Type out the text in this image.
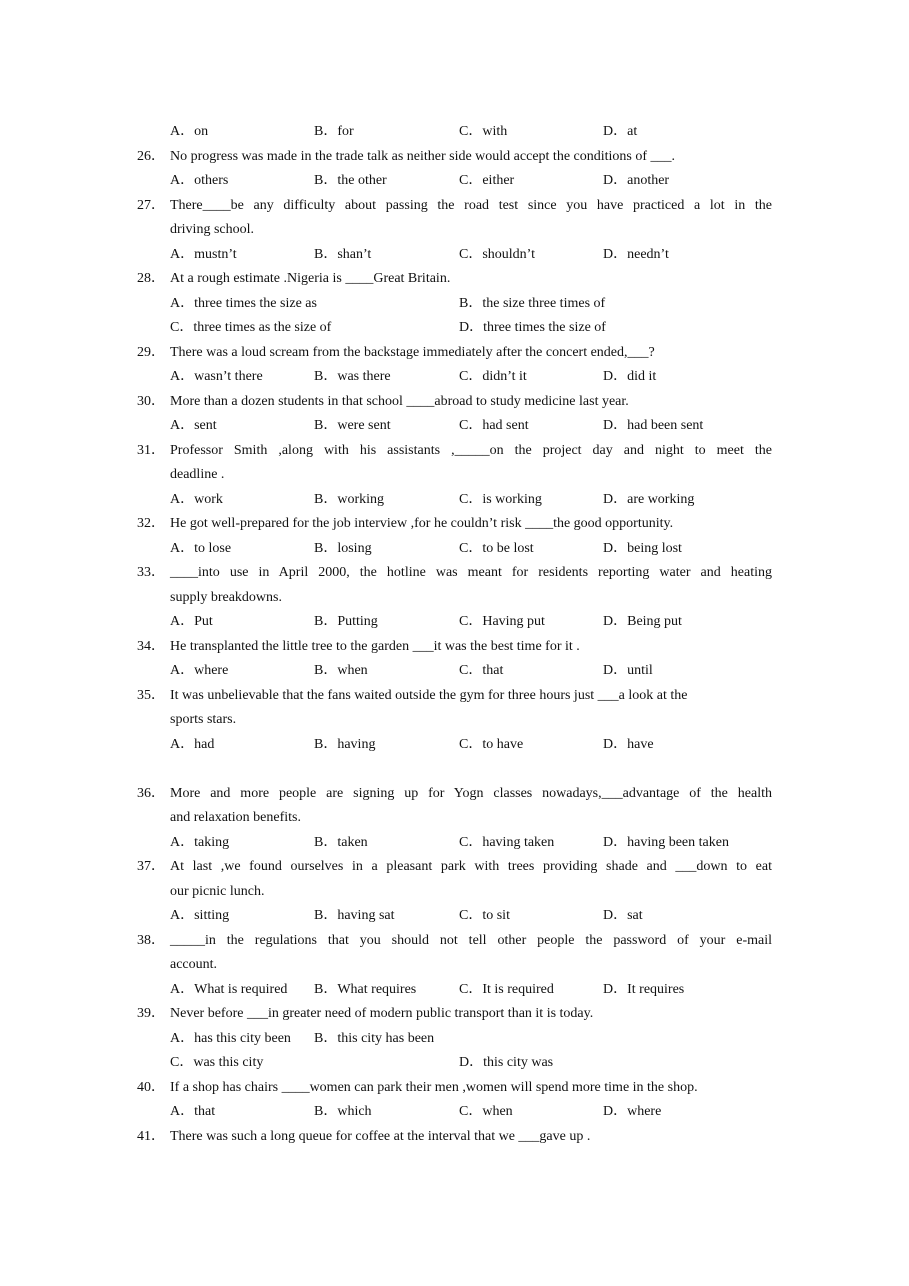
A．on	B．for	C．with	D．at
26． No progress was made in the trade talk as neither side would accept the conditions of ___.
A．others	B．the other	C．either	D．another
27． There____be any difficulty about passing the road test since you have practiced a lot in the
driving school.
A．mustn’t	B．shan’t	C．shouldn’t	D．needn’t
28． At a rough estimate .Nigeria is ____Great Britain.
A．three times the size as	B．the size three times of
C．three times as the size of	D．three times the size of
29． There was a loud scream from the backstage immediately after the concert ended,___?
A．wasn’t there	B．was there	C．didn’t it	D．did it
30． More than a dozen students in that school ____abroad to study medicine last year.
A．sent	B．were sent	C．had sent	D．had been sent
31． Professor Smith ,along with his assistants ,_____on the project day and night to meet the
deadline .
A．work	B．working	C．is working	D．are working
32． He got well-prepared for the job interview ,for he couldn’t risk ____the good opportunity.
A．to lose	B．losing	C．to be lost	D．being lost
33． ____into use in April 2000, the hotline was meant for residents reporting water and heating
supply breakdowns.
A．Put	B．Putting	C．Having put	D．Being put
34． He transplanted the little tree to the garden ___it was the best time for it .
A．where	B．when	C．that	D．until
35． It was unbelievable that the fans waited outside the gym for three hours just ___a look at the
sports stars.
A．had	B．having	C．to have	D．have
36． More and more people are signing up for Yogn classes nowadays,___advantage of the health
and relaxation benefits.
A．taking	B．taken	C．having taken	D．having been taken
37． At last ,we found ourselves in a pleasant park with trees providing shade and ___down to eat
our picnic lunch.
A．sitting	B．having sat	C．to sit	D．sat
38． _____in the regulations that you should not tell other people the password of your e-mail
account.
A．What is required B．What requires	C．It is required	D．It requires
39． Never before ___in greater need of modern public transport than it is today.
A．has this city been B．this city has been
C．was this city	D．this city was
40． If a shop has chairs ____women can park their men ,women will spend more time in the shop.
A．that	B．which	C．when	D．where
41． There was such a long queue for coffee at the interval that we ___gave up .
